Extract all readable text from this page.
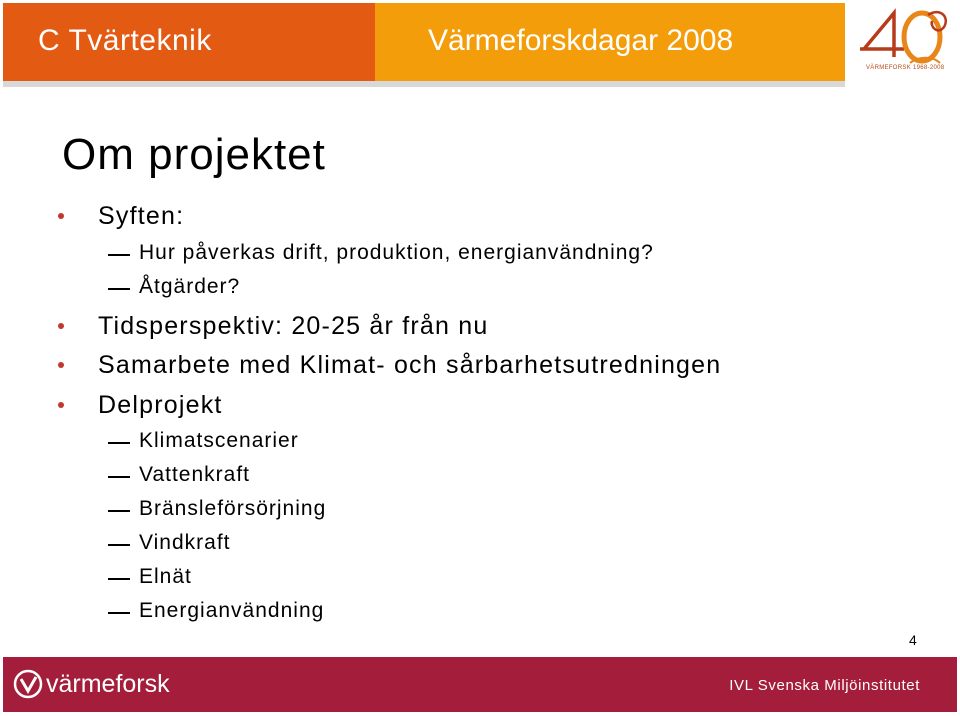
C Tvärteknik	Värmeforskdagar 2008
VÄRMEFORSK 1968-2008
Om projektet
Syften:
Hur påverkas drift, produktion, energianvändning?
Åtgärder?
Tidsperspektiv: 20-25 år från nu
Samarbete med Klimat- och sårbarhetsutredningen
Delprojekt
Klimatscenarier
Vattenkraft
Bränsleförsörjning
Vindkraft
Elnät
Energianvändning
4
värmeforsk	IVL Svenska Miljöinstitutet
